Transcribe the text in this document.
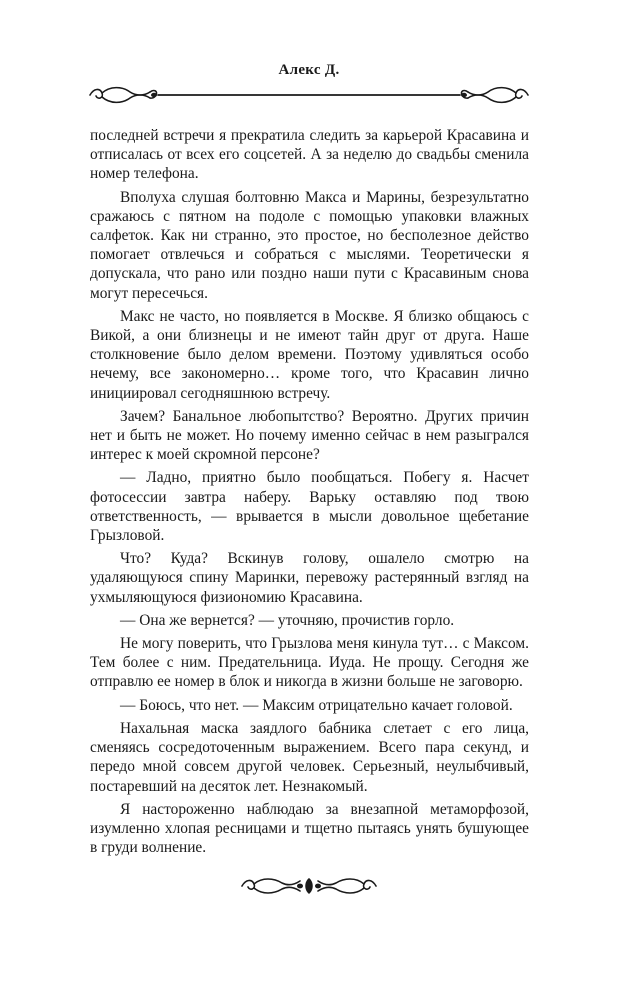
Алекс Д.

последней встречи я прекратила следить за карьерой Красавина и отписалась от всех его соцсетей. А за неделю до свадьбы сменила номер телефона.

Вполуха слушая болтовню Макса и Марины, безрезультатно сражаюсь с пятном на подоле с помощью упаковки влажных салфеток. Как ни странно, это простое, но бесполезное действо помогает отвлечься и собраться с мыслями. Теоретически я допускала, что рано или поздно наши пути с Красавиным снова могут пересечься.

Макс не часто, но появляется в Москве. Я близко общаюсь с Викой, а они близнецы и не имеют тайн друг от друга. Наше столкновение было делом времени. Поэтому удивляться особо нечему, все закономерно… кроме того, что Красавин лично инициировал сегодняшнюю встречу.

Зачем? Банальное любопытство? Вероятно. Других причин нет и быть не может. Но почему именно сейчас в нем разыгрался интерес к моей скромной персоне?

— Ладно, приятно было пообщаться. Побегу я. Насчет фотосессии завтра наберу. Варьку оставляю под твою ответственность, — врывается в мысли довольное щебетание Грызловой.

Что? Куда? Вскинув голову, ошалело смотрю на удаляющуюся спину Маринки, перевожу растерянный взгляд на ухмыляющуюся физиономию Красавина.

— Она же вернется? — уточняю, прочистив горло.

Не могу поверить, что Грызлова меня кинула тут… с Максом. Тем более с ним. Предательница. Иуда. Не прощу. Сегодня же отправлю ее номер в блок и никогда в жизни больше не заговорю.

— Боюсь, что нет. — Максим отрицательно качает головой.

Нахальная маска заядлого бабника слетает с его лица, сменяясь сосредоточенным выражением. Всего пара секунд, и передо мной совсем другой человек. Серьезный, неулыбчивый, постаревший на десяток лет. Незнакомый.

Я настороженно наблюдаю за внезапной метаморфозой, изумленно хлопая ресницами и тщетно пытаясь унять бушующее в груди волнение.
